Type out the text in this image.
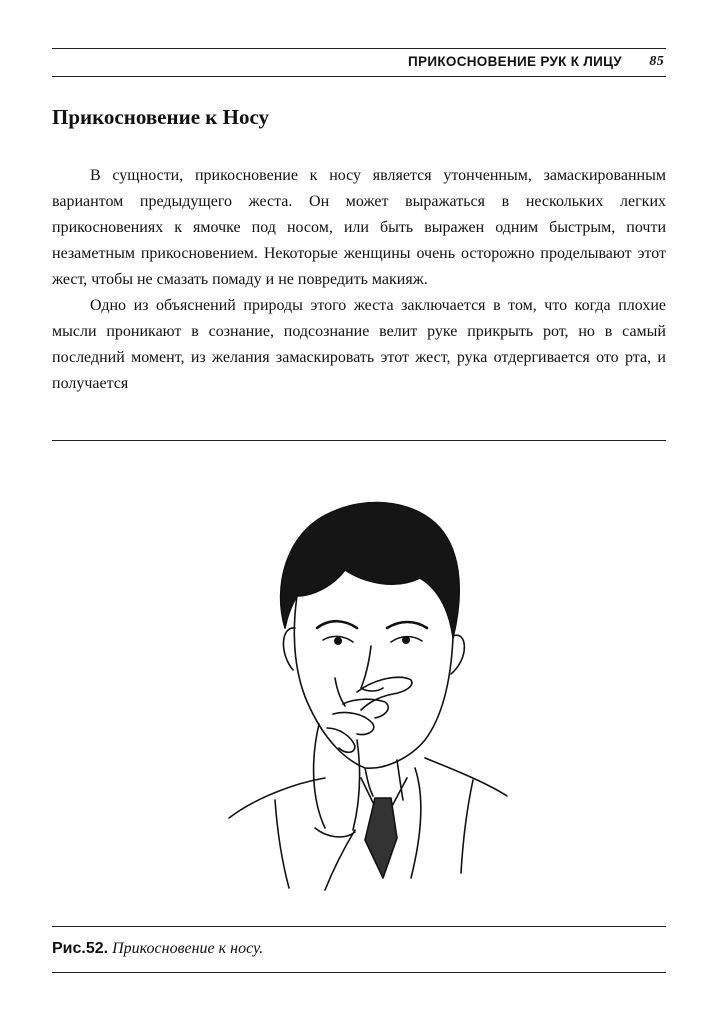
ПРИКОСНОВЕНИЕ РУК К ЛИЦУ 85
Прикосновение к Носу

В сущности, прикосновение к носу является утонченным, замаскированным вариантом предыдущего жеста. Он может выражаться в нескольких легких прикосновениях к ямочке под носом, или быть выражен одним быстрым, почти незаметным прикосновением. Некоторые женщины очень осторожно проделывают этот жест, чтобы не смазать помаду и не повредить макияж.

Одно из объяснений природы этого жеста заключается в том, что когда плохие мысли проникают в сознание, подсознание велит руке прикрыть рот, но в самый последний момент, из желания замаскировать этот жест, рука отдергивается ото рта, и получается

Рис.52. Прикосновение к носу.
